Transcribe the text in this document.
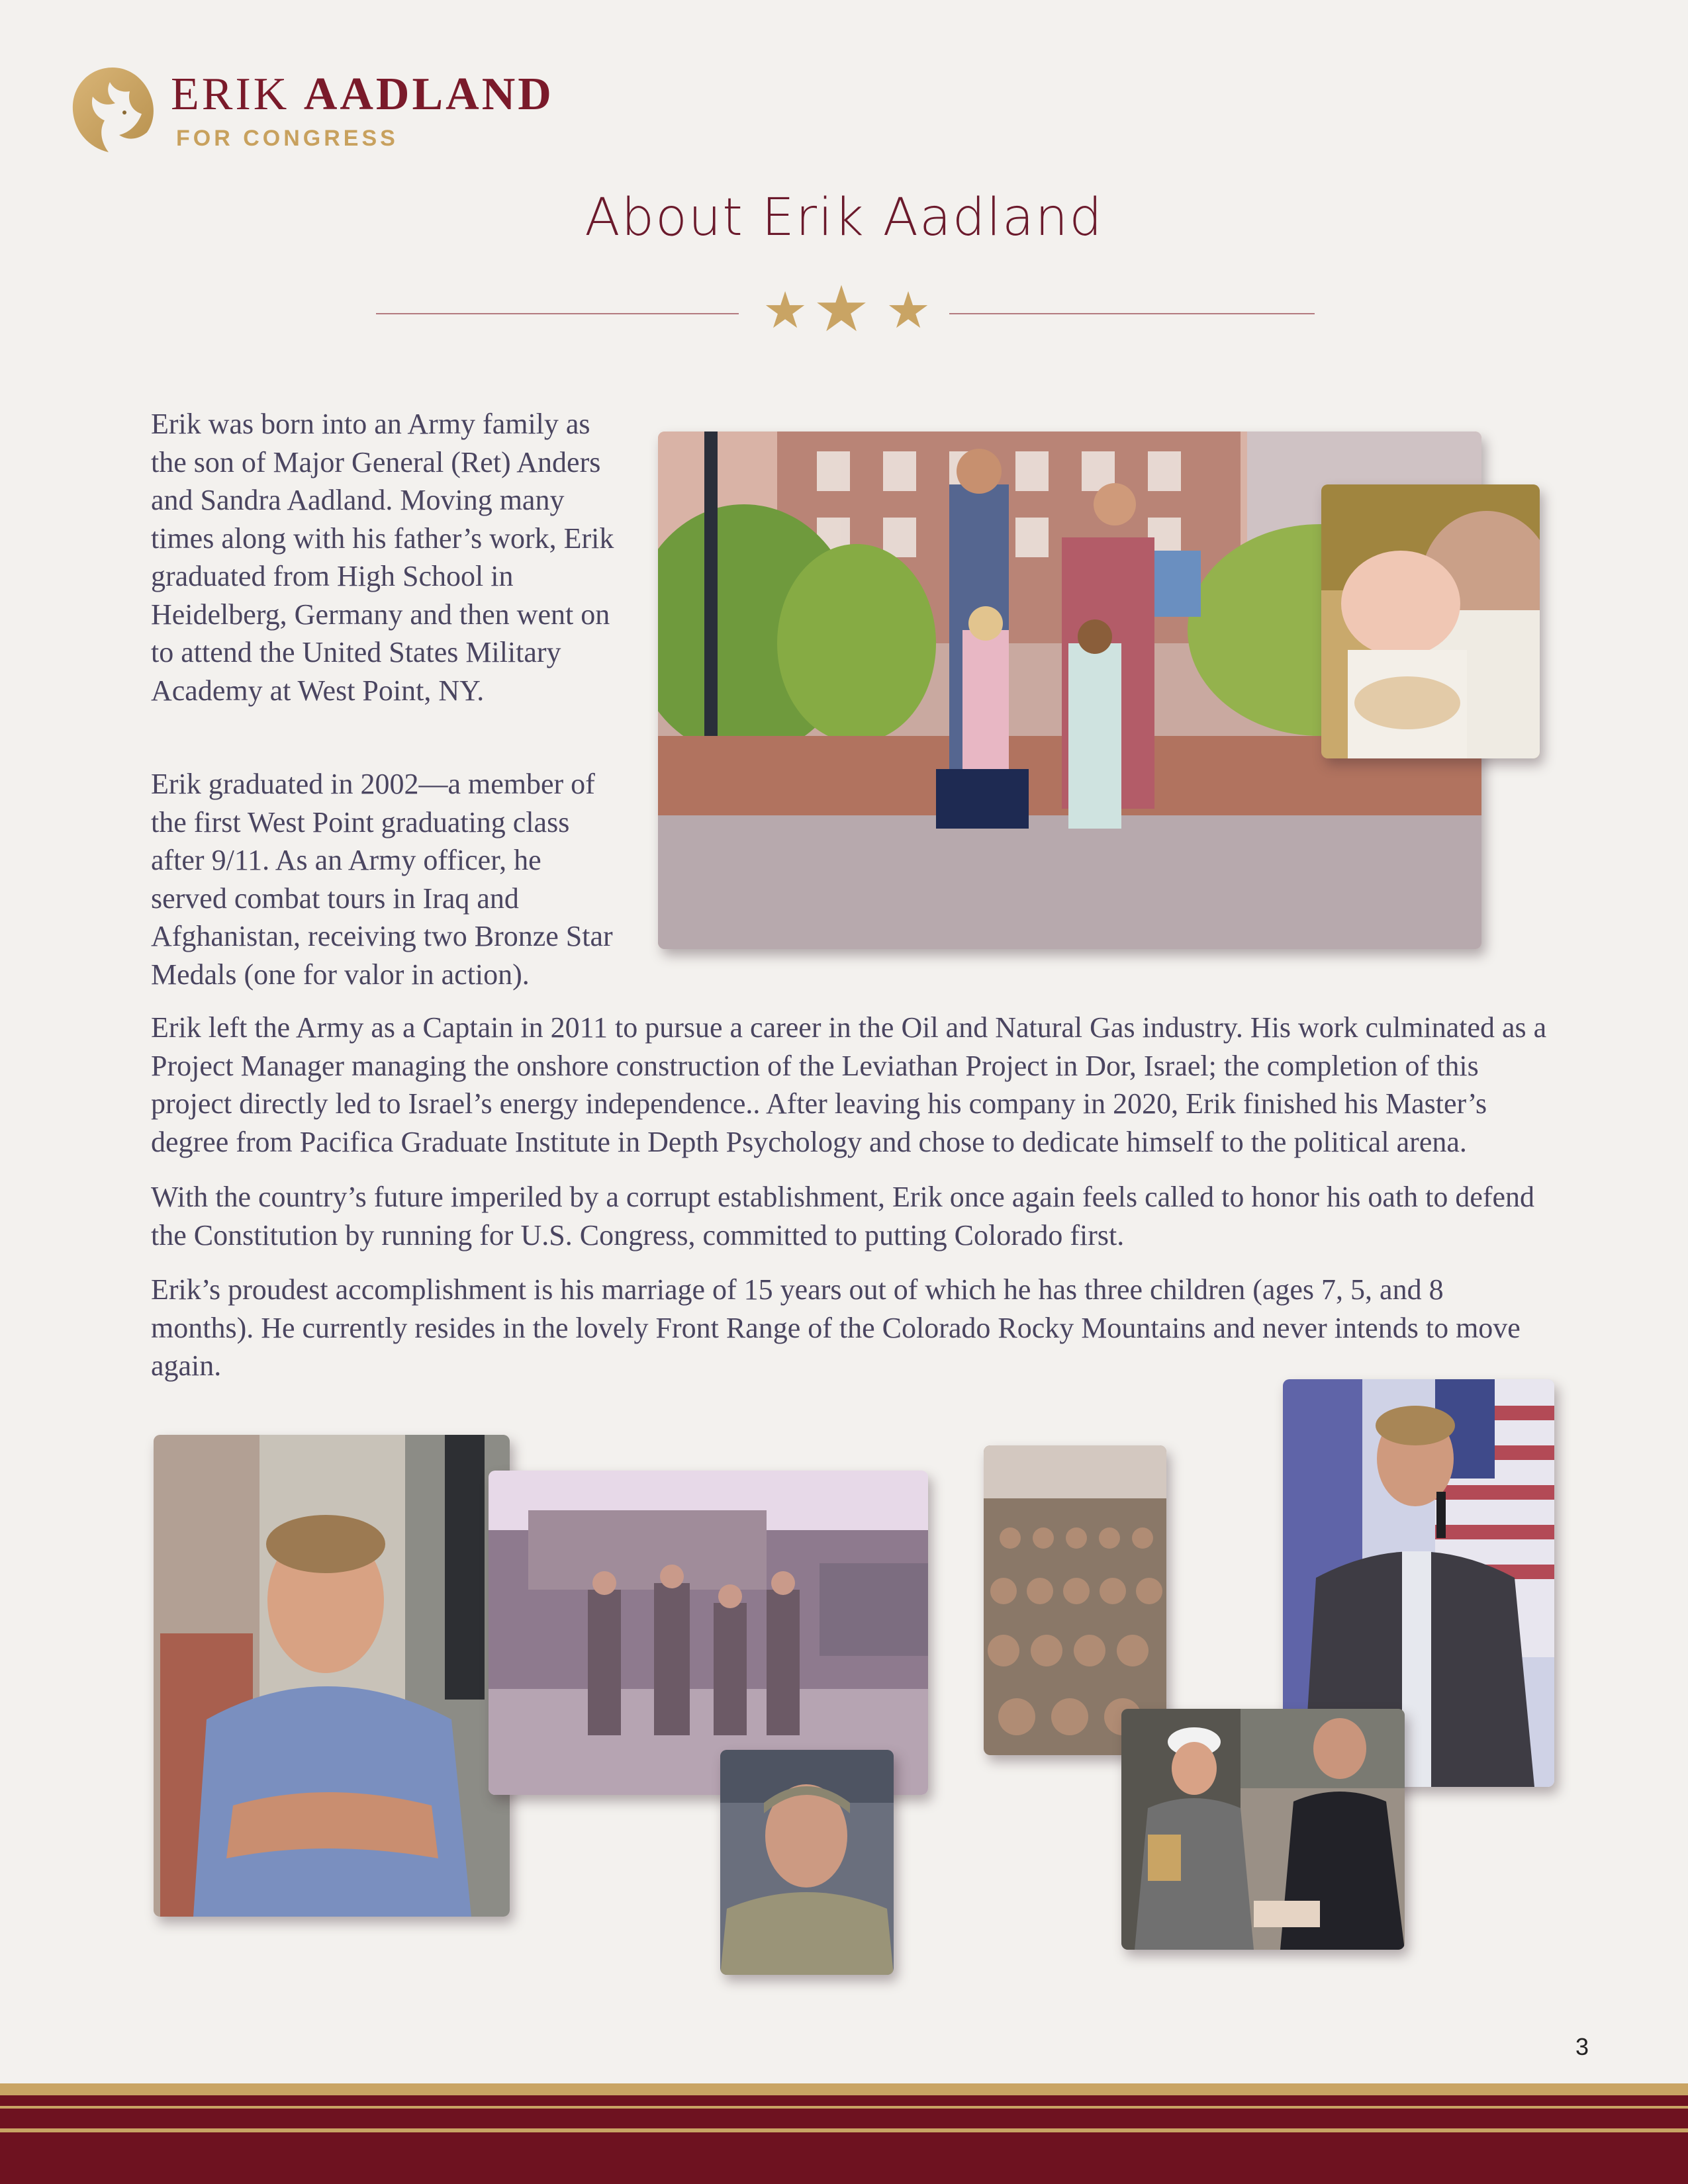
ERIK AADLAND
FOR CONGRESS
About Erik Aadland
★ ★ ★

Erik was born into an Army family as the son of Major General (Ret) Anders and Sandra Aadland. Moving many times along with his father’s work, Erik graduated from High School in Heidelberg, Germany and then went on to attend the United States Military Academy at West Point, NY.

Erik graduated in 2002—a member of the first West Point graduating class after 9/11. As an Army officer, he served combat tours in Iraq and Afghanistan, receiving two Bronze Star Medals (one for valor in action).

Erik left the Army as a Captain in 2011 to pursue a career in the Oil and Natural Gas industry. His work culminated as a Project Manager managing the onshore construction of the Leviathan Project in Dor, Israel; the completion of this project directly led to Israel’s energy independence.. After leaving his company in 2020, Erik finished his Master’s degree from Pacifica Graduate Institute in Depth Psychology and chose to dedicate himself to the political arena.

With the country’s future imperiled by a corrupt establishment, Erik once again feels called to honor his oath to defend the Constitution by running for U.S. Congress, committed to putting Colorado first.

Erik’s proudest accomplishment is his marriage of 15 years out of which he has three children (ages 7, 5, and 8 months). He currently resides in the lovely Front Range of the Colorado Rocky Mountains and never intends to move again.

3
